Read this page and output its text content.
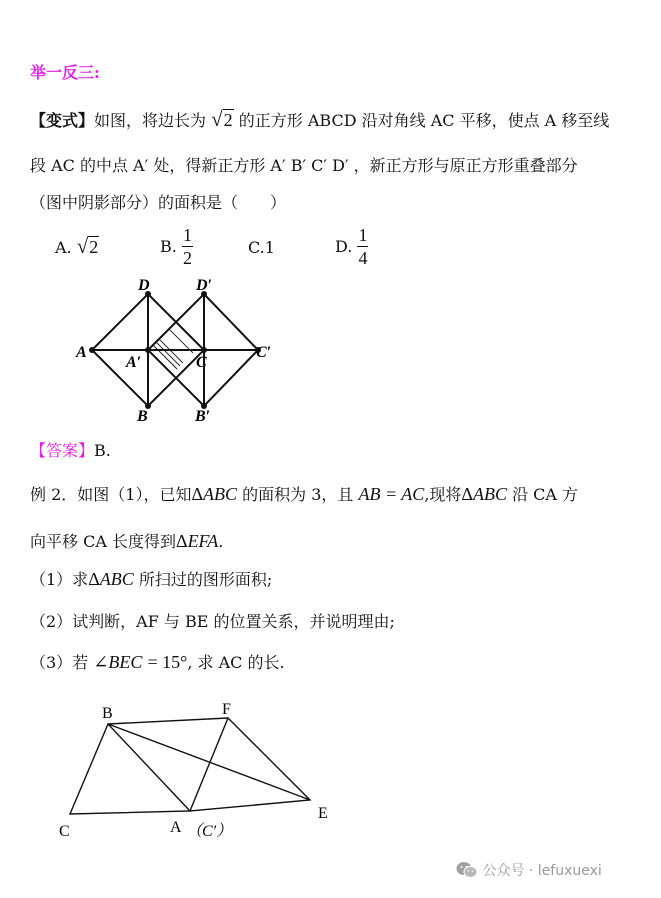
举一反三:
【变式】如图，将边长为 √2 的正方形 ABCD 沿对角线 AC 平移，使点 A 移至线
段 AC 的中点 A′ 处，得新正方形 A′ B′ C′ D′ ，新正方形与原正方形重叠部分
（图中阴影部分）的面积是（　　）
A. √2	B. $\frac{1}{2}$	C.1	D. $\frac{1}{4}$
A
D	D′
C
C′
A′
B	B′
【答案】B.
例 2．如图（1），已知ΔABC 的面积为 3，且 AB = AC,现将ΔABC 沿 CA 方
向平移 CA 长度得到ΔEFA.
（1）求ΔABC 所扫过的图形面积;
（2）试判断，AF 与 BE 的位置关系，并说明理由;
（3）若 ∠BEC = 15°, 求 AC 的长.
B	F
C	A （C′）
E
公众号 · lefuxuexi
